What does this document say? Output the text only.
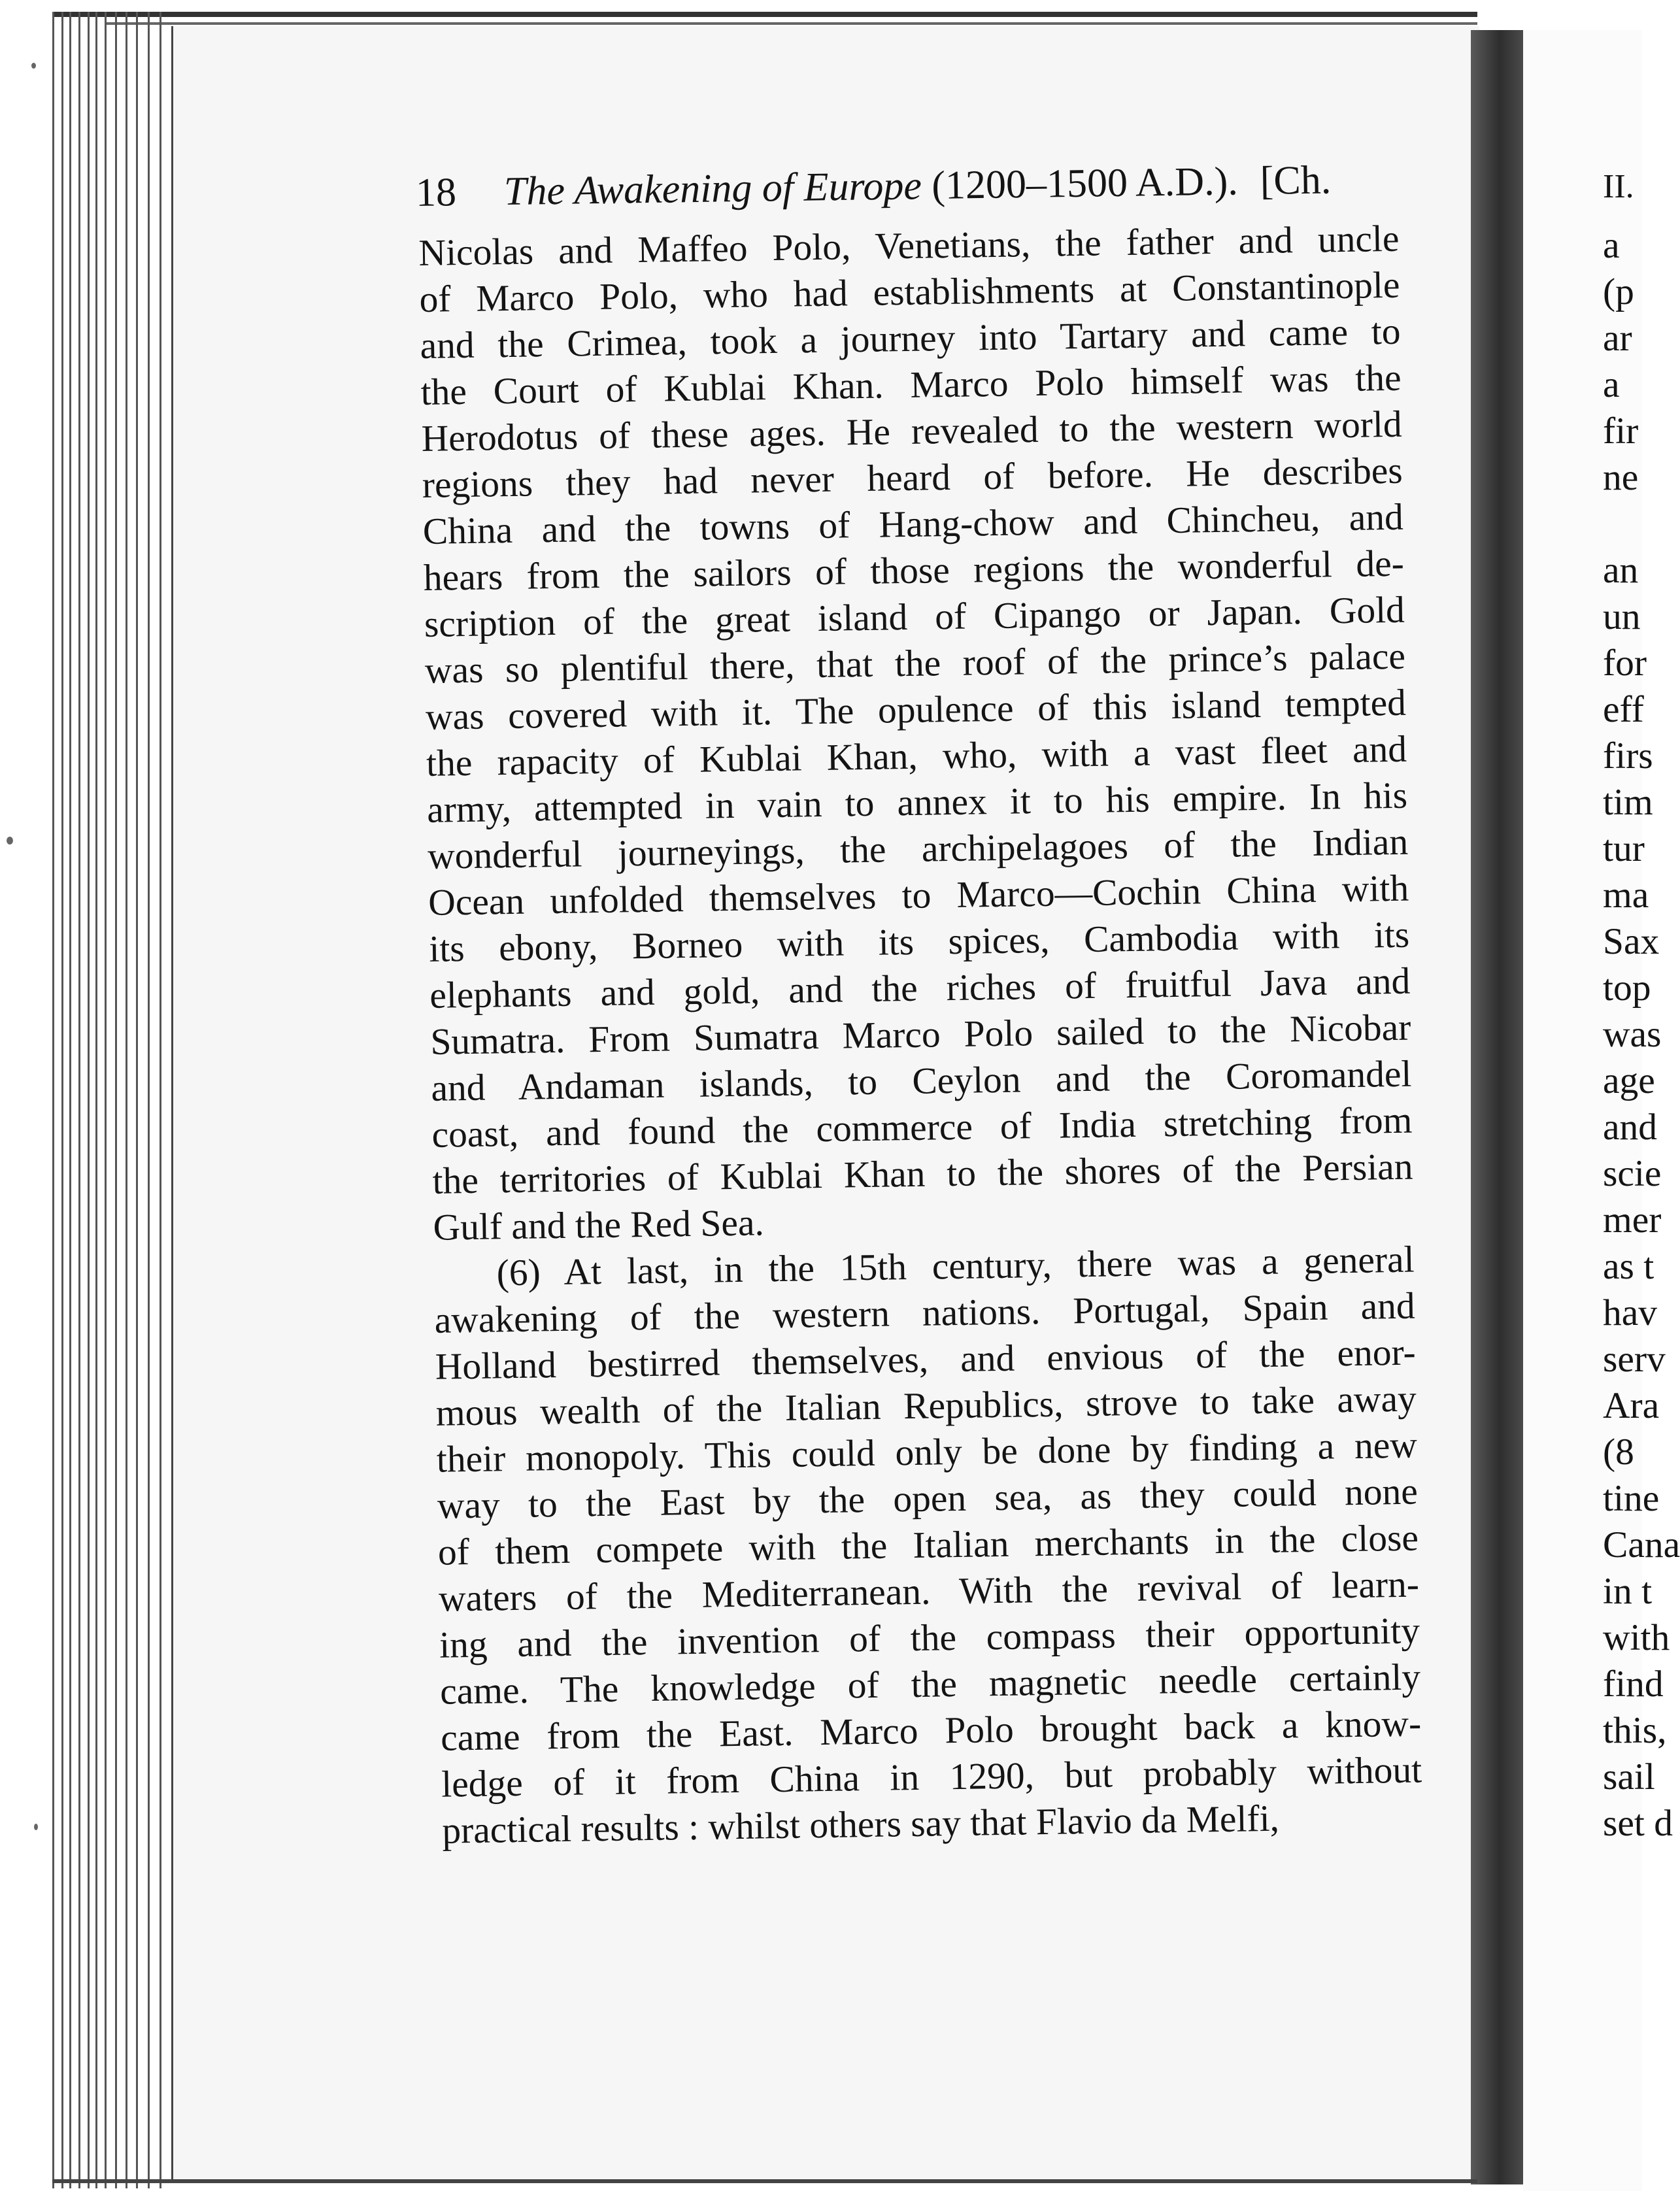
18 The Awakening of Europe (1200–1500 A.D.). [Ch.
Nicolas and Maffeo Polo, Venetians, the father and uncle
of Marco Polo, who had establishments at Constantinople
and the Crimea, took a journey into Tartary and came to
the Court of Kublai Khan. Marco Polo himself was the
Herodotus of these ages. He revealed to the western world
regions they had never heard of before. He describes
China and the towns of Hang-chow and Chincheu, and
hears from the sailors of those regions the wonderful de-
scription of the great island of Cipango or Japan. Gold
was so plentiful there, that the roof of the prince’s palace
was covered with it. The opulence of this island tempted
the rapacity of Kublai Khan, who, with a vast fleet and
army, attempted in vain to annex it to his empire. In his
wonderful journeyings, the archipelagoes of the Indian
Ocean unfolded themselves to Marco—Cochin China with
its ebony, Borneo with its spices, Cambodia with its
elephants and gold, and the riches of fruitful Java and
Sumatra. From Sumatra Marco Polo sailed to the Nicobar
and Andaman islands, to Ceylon and the Coromandel
coast, and found the commerce of India stretching from
the territories of Kublai Khan to the shores of the Persian
Gulf and the Red Sea.
(6) At last, in the 15th century, there was a general
awakening of the western nations. Portugal, Spain and
Holland bestirred themselves, and envious of the enor-
mous wealth of the Italian Republics, strove to take away
their monopoly. This could only be done by finding a new
way to the East by the open sea, as they could none
of them compete with the Italian merchants in the close
waters of the Mediterranean. With the revival of learn-
ing and the invention of the compass their opportunity
came. The knowledge of the magnetic needle certainly
came from the East. Marco Polo brought back a know-
ledge of it from China in 1290, but probably without
practical results : whilst others say that Flavio da Melfi,
II.
a
(p
ar
a
fir
ne
an
un
for
eff
firs
tim
tur
ma
Sax
top
was
age
and
scie
mer
as t
hav
serv
Ara
(8
tine
Cana
in t
with
find
this,
sail
set d
